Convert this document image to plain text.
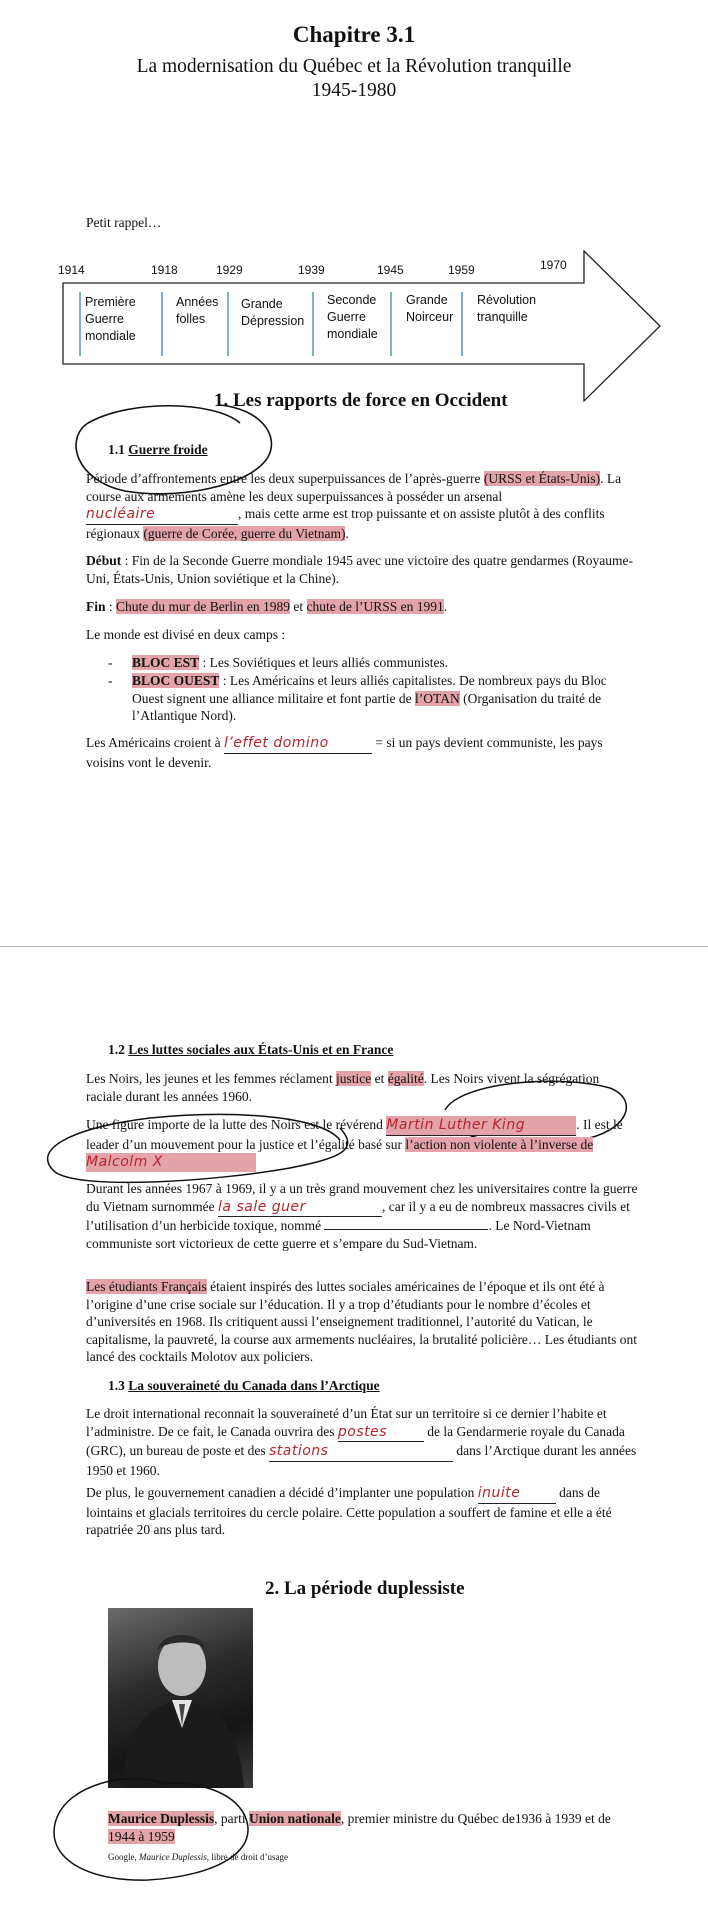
Chapitre 3.1
La modernisation du Québec et la Révolution tranquille
1945-1980
Petit rappel…
1914	1918	1929	1939	1945	1959	1970
Première
Guerre
mondiale
Années
folles
Grande
Dépression
Seconde
Guerre
mondiale
Grande
Noirceur
Révolution
tranquille
1. Les rapports de force en Occident
1.1 Guerre froide
Période d’affrontements entre les deux superpuissances de l’après-guerre (URSS et États-Unis). La course aux armements amène les deux superpuissances à posséder un arsenal nucléaire	, mais cette arme est trop puissante et on assiste plutôt à des conflits régionaux (guerre de Corée, guerre du Vietnam).
Début : Fin de la Seconde Guerre mondiale 1945 avec une victoire des quatre gendarmes (Royaume-Uni, États-Unis, Union soviétique et la Chine).
Fin : Chute du mur de Berlin en 1989 et chute de l’URSS en 1991.
Le monde est divisé en deux camps :
-	BLOC EST : Les Soviétiques et leurs alliés communistes.
-	BLOC OUEST : Les Américains et leurs alliés capitalistes. De nombreux pays du Bloc Ouest signent une alliance militaire et font partie de l’OTAN (Organisation du traité de l’Atlantique Nord).
Les Américains croient à l’effet domino	= si un pays devient communiste, les pays voisins vont le devenir.
1.2 Les luttes sociales aux États-Unis et en France
Les Noirs, les jeunes et les femmes réclament justice et égalité. Les Noirs vivent la ségrégation raciale durant les années 1960.
Une figure importe de la lutte des Noirs est le révérend Martin Luther King	. Il est le leader d’un mouvement pour la justice et l’égalité basé sur l’action non violente à l’inverse de Malcolm X
Durant les années 1967 à 1969, il y a un très grand mouvement chez les universitaires contre la guerre du Vietnam surnommée la sale guer	, car il y a eu de nombreux massacres civils et l’utilisation d’un herbicide toxique, nommé	. Le Nord-Vietnam communiste sort victorieux de cette guerre et s’empare du Sud-Vietnam.
Les étudiants Français étaient inspirés des luttes sociales américaines de l’époque et ils ont été à l’origine d’une crise sociale sur l’éducation. Il y a trop d’étudiants pour le nombre d’écoles et d’universités en 1968. Ils critiquent aussi l’enseignement traditionnel, l’autorité du Vatican, le capitalisme, la pauvreté, la course aux armements nucléaires, la brutalité policière… Les étudiants ont lancé des cocktails Molotov aux policiers.
1.3 La souveraineté du Canada dans l’Arctique
Le droit international reconnait la souveraineté d’un État sur un territoire si ce dernier l’habite et l’administre. De ce fait, le Canada ouvrira des postes	de la Gendarmerie royale du Canada (GRC), un bureau de poste et des stations	dans l’Arctique durant les années 1950 et 1960.
De plus, le gouvernement canadien a décidé d’implanter une population inuite	dans de lointains et glacials territoires du cercle polaire. Cette population a souffert de famine et elle a été rapatriée 20 ans plus tard.
2. La période duplessiste
Maurice Duplessis, parti Union nationale, premier ministre du Québec de1936 à 1939 et de 1944 à 1959
Google, Maurice Duplessis, libre de droit d’usage
